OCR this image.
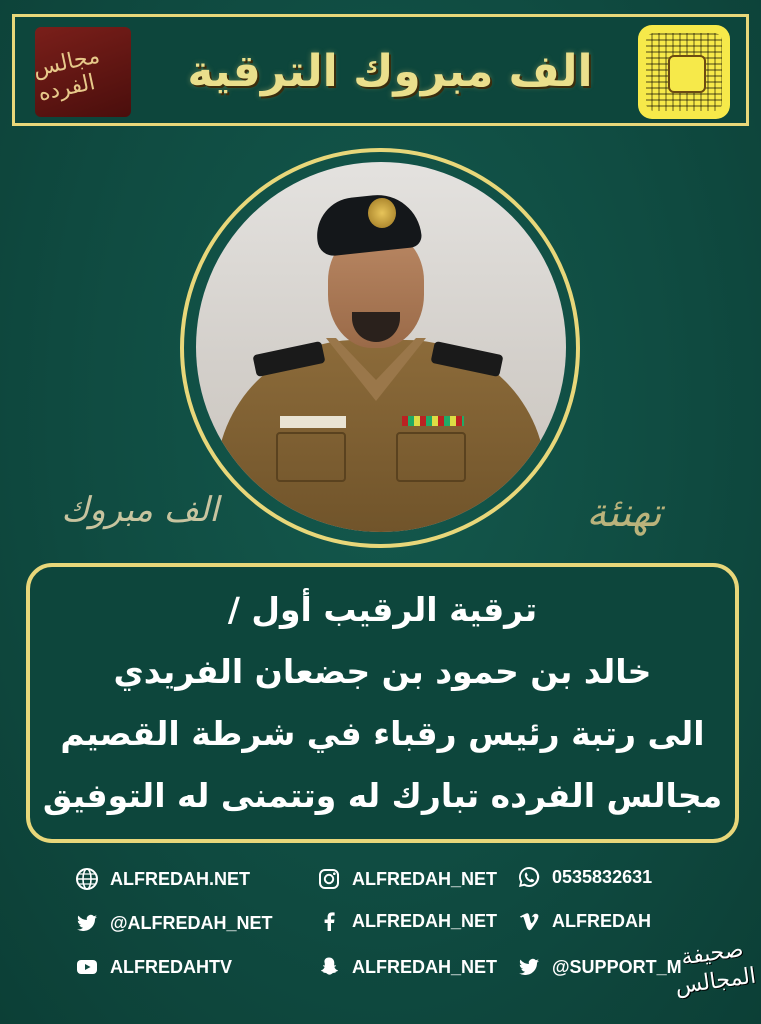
مجالس الفرده	الف مبروك الترقية
الف مبروك	تهنئة
ترقية الرقيب أول /
خالد بن حمود بن جضعان الفريدي
الى رتبة رئيس رقباء في شرطة القصيم
مجالس الفرده تبارك له وتتمنى له التوفيق
ALFREDAH.NET	ALFREDAH_NET	0535832631
@ALFREDAH_NET	ALFREDAH_NET	ALFREDAH
ALFREDAHTV	ALFREDAH_NET	@SUPPORT_M
صحيفة المجالس
